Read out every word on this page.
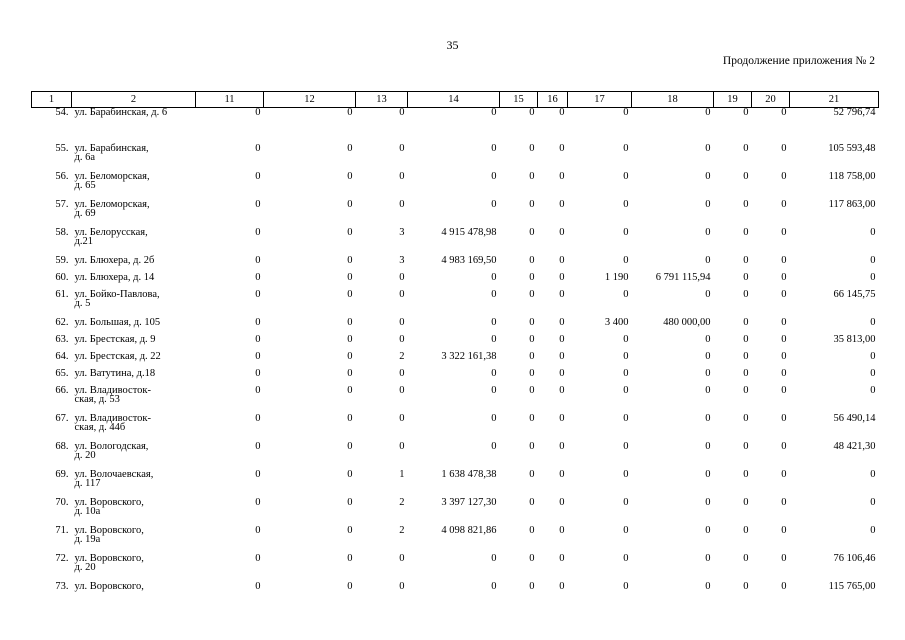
35
Продолжение приложения № 2
1	2	11	12	13	14	15	16	17	18	19	20	21
54.	ул. Барабинская, д. 6	0	0	0	0	0	0	0	0	0	0	52 796,74
55.	ул. Барабинская,
д. 6а	0	0	0	0	0	0	0	0	0	0	105 593,48
56.	ул. Беломорская,
д. 65	0	0	0	0	0	0	0	0	0	0	118 758,00
57.	ул. Беломорская,
д. 69	0	0	0	0	0	0	0	0	0	0	117 863,00
58.	ул. Белорусская,
д.21	0	0	3	4 915 478,98	0	0	0	0	0	0	0
59.	ул. Блюхера, д. 2б	0	0	3	4 983 169,50	0	0	0	0	0	0	0
60.	ул. Блюхера, д. 14	0	0	0	0	0	0	1 190	6 791 115,94	0	0	0
61.	ул. Бойко-Павлова,
д. 5	0	0	0	0	0	0	0	0	0	0	66 145,75
62.	ул. Большая, д. 105	0	0	0	0	0	0	3 400	480 000,00	0	0	0
63.	ул. Брестская, д. 9	0	0	0	0	0	0	0	0	0	0	35 813,00
64.	ул. Брестская, д. 22	0	0	2	3 322 161,38	0	0	0	0	0	0	0
65.	ул. Ватутина, д.18	0	0	0	0	0	0	0	0	0	0	0
66.	ул. Владивосток-
ская, д. 53	0	0	0	0	0	0	0	0	0	0	0
67.	ул. Владивосток-
ская, д. 44б	0	0	0	0	0	0	0	0	0	0	56 490,14
68.	ул. Вологодская,
д. 20	0	0	0	0	0	0	0	0	0	0	48 421,30
69.	ул. Волочаевская,
д. 117	0	0	1	1 638 478,38	0	0	0	0	0	0	0
70.	ул. Воровского,
д. 10а	0	0	2	3 397 127,30	0	0	0	0	0	0	0
71.	ул. Воровского,
д. 19а	0	0	2	4 098 821,86	0	0	0	0	0	0	0
72.	ул. Воровского,
д. 20	0	0	0	0	0	0	0	0	0	0	76 106,46
73.	ул. Воровского,	0	0	0	0	0	0	0	0	0	0	115 765,00
